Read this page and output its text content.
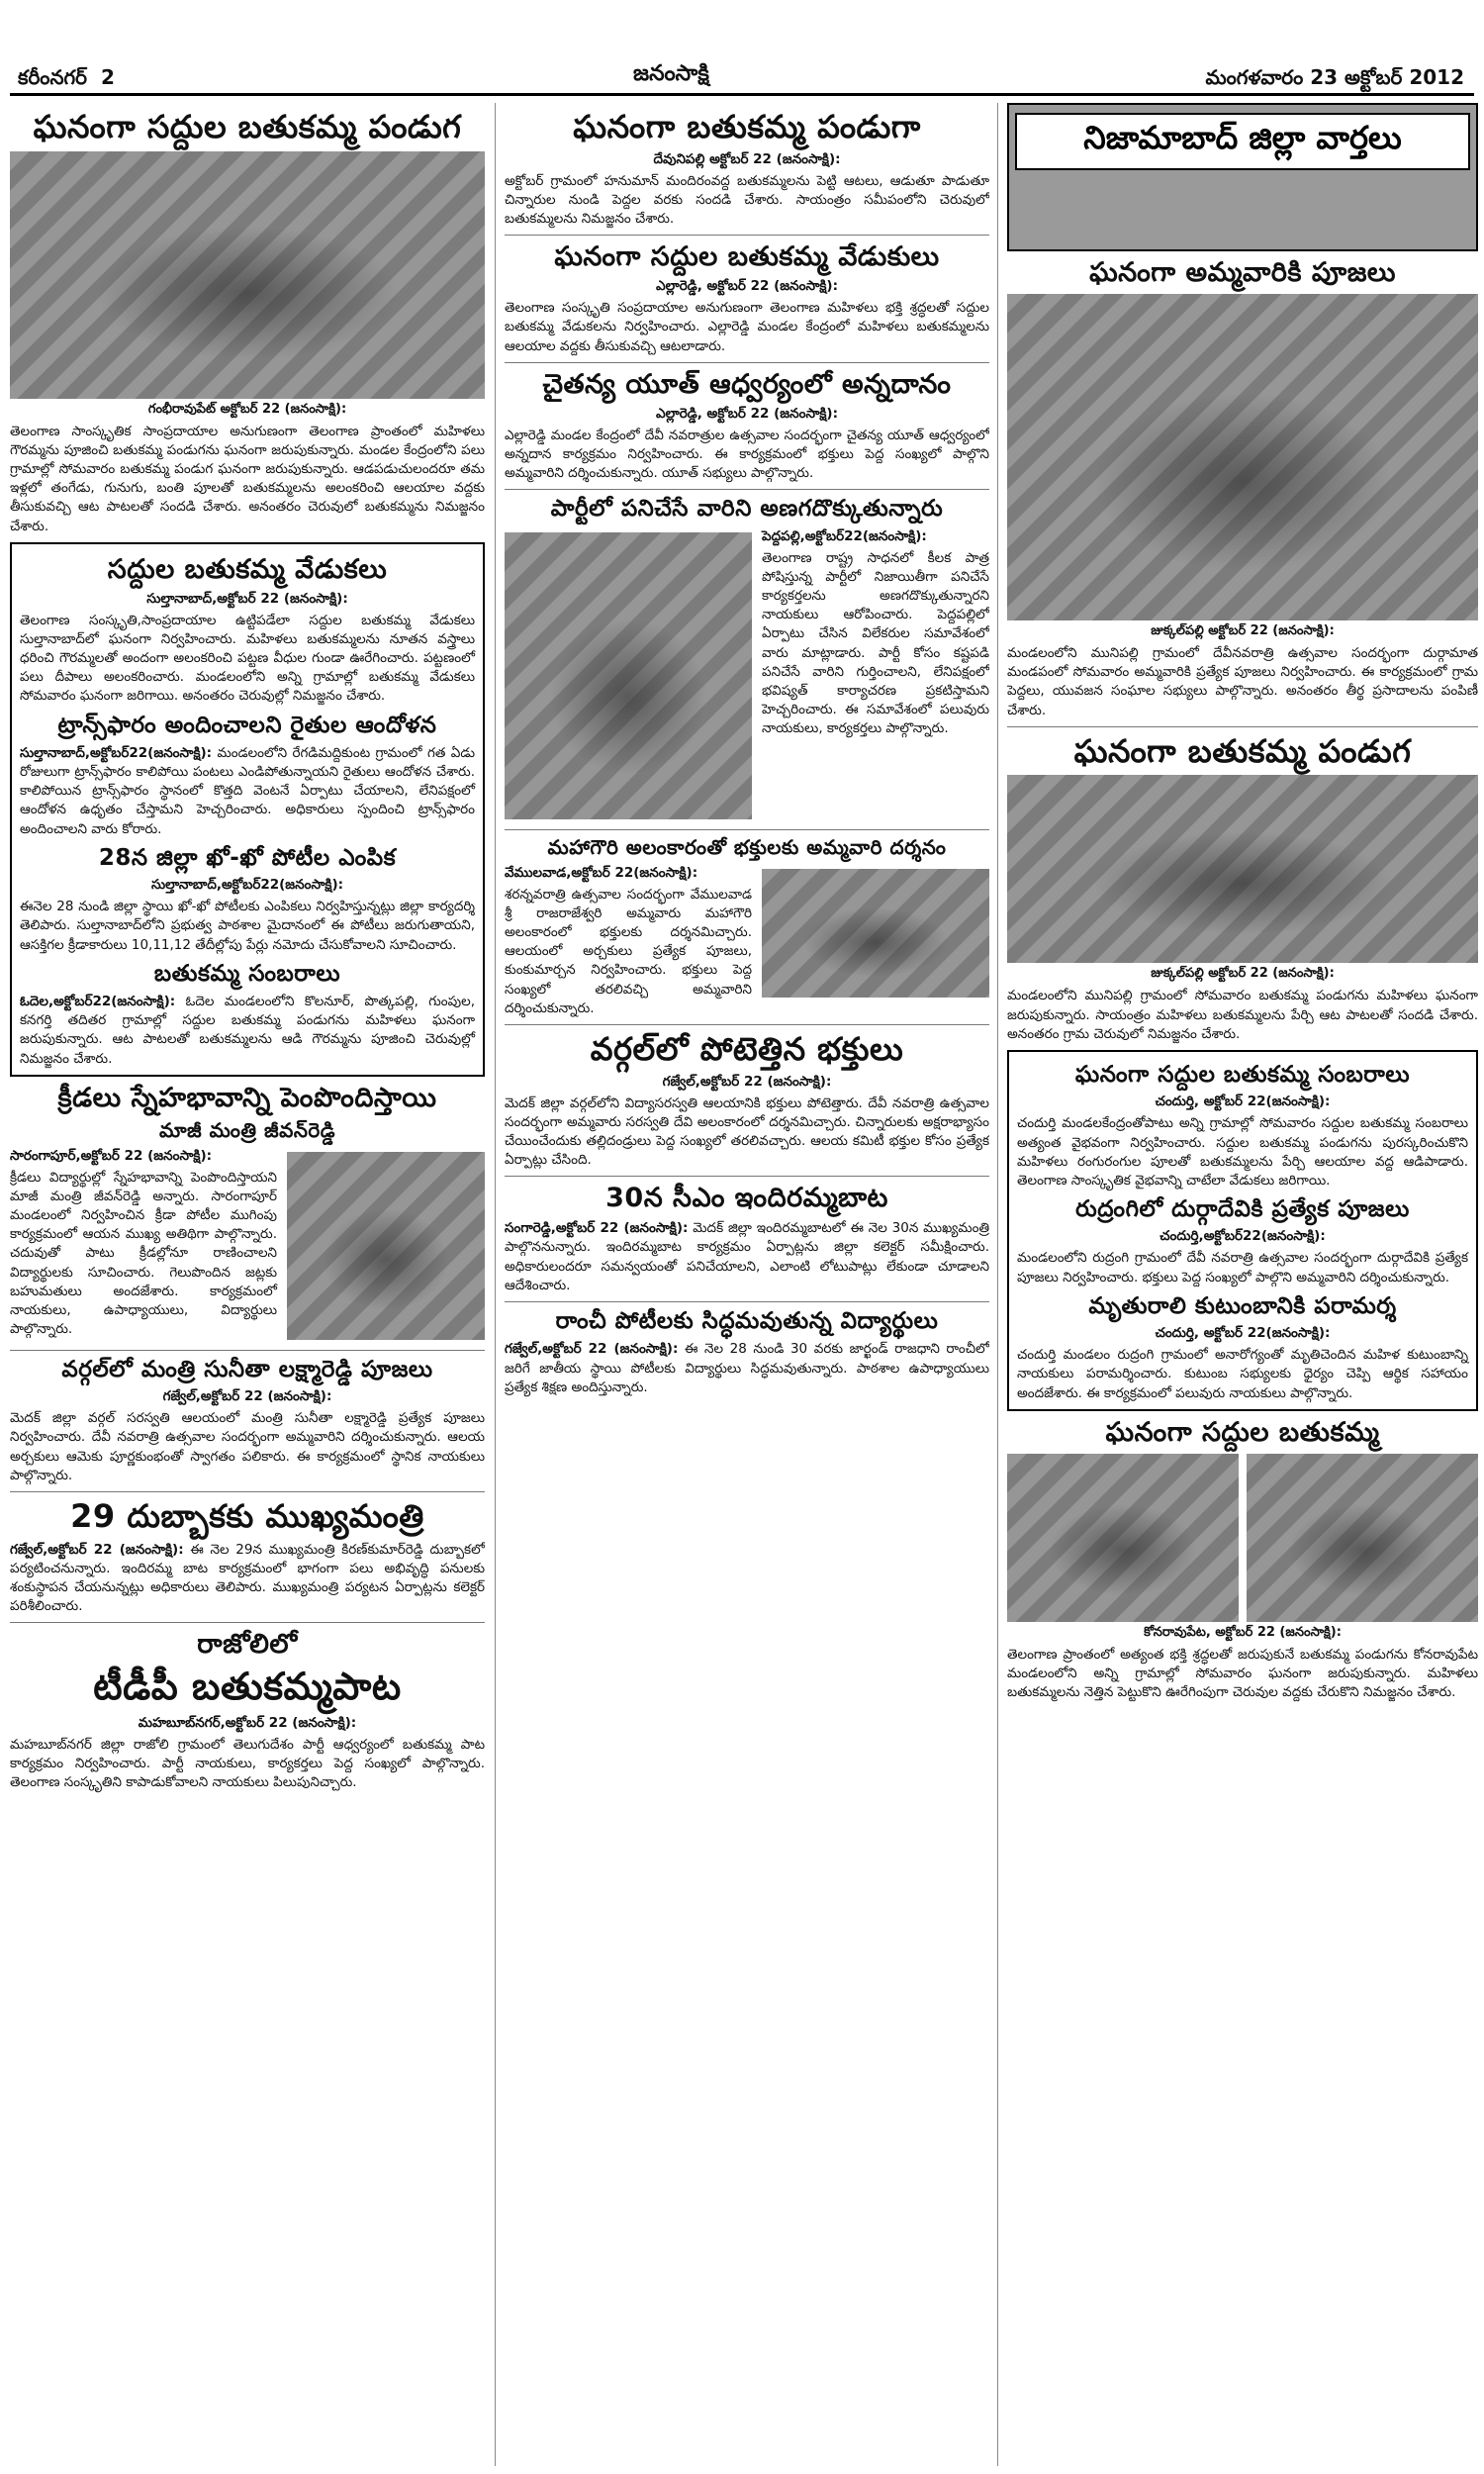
కరీంనగర్ 2	జనంసాక్షి	మంగళవారం 23 అక్టోబర్ 2012
ఘనంగా సద్దుల బతుకమ్మ పండుగ
గంభీరావుపేట్ అక్టోబర్ 22 (జనంసాక్షి):

తెలంగాణ సాంస్కృతిక సాంప్రదాయాల అనుగుణంగా తెలంగాణ ప్రాంతంలో మహిళలు గౌరమ్మను పూజించి బతుకమ్మ పండుగను ఘనంగా జరుపుకున్నారు. మండల కేంద్రంలోని పలు గ్రామాల్లో సోమవారం బతుకమ్మ పండుగ ఘనంగా జరుపుకున్నారు. ఆడపడుచులందరూ తమ ఇళ్లలో తంగేడు, గునుగు, బంతి పూలతో బతుకమ్మలను అలంకరించి ఆలయాల వద్దకు తీసుకువచ్చి ఆట పాటలతో సందడి చేశారు. అనంతరం చెరువులో బతుకమ్మను నిమజ్జనం చేశారు.

సద్దుల బతుకమ్మ వేడుకలు
సుల్తానాబాద్,అక్టోబర్ 22 (జనంసాక్షి):

తెలంగాణ సంస్కృతి,సాంప్రదాయాల ఉట్టిపడేలా సద్దుల బతుకమ్మ వేడుకలు సుల్తానాబాద్‌లో ఘనంగా నిర్వహించారు. మహిళలు బతుకమ్మలను నూతన వస్త్రాలు ధరించి గౌరమ్మలతో అందంగా అలంకరించి పట్టణ వీధుల గుండా ఊరేగించారు. పట్టణంలో పలు దీపాలు అలంకరించారు. మండలంలోని అన్ని గ్రామాల్లో బతుకమ్మ వేడుకలు సోమవారం ఘనంగా జరిగాయి. అనంతరం చెరువుల్లో నిమజ్జనం చేశారు.

ట్రాన్స్‌ఫారం అందించాలని రైతుల ఆందోళన

సుల్తానాబాద్,అక్టోబర్22(జనంసాక్షి): మండలంలోని రేగడిమద్దికుంట గ్రామంలో గత ఏడు రోజులుగా ట్రాన్స్‌ఫారం కాలిపోయి పంటలు ఎండిపోతున్నాయని రైతులు ఆందోళన చేశారు. కాలిపోయిన ట్రాన్స్‌ఫారం స్థానంలో కొత్తది వెంటనే ఏర్పాటు చేయాలని, లేనిపక్షంలో ఆందోళన ఉధృతం చేస్తామని హెచ్చరించారు. అధికారులు స్పందించి ట్రాన్స్‌ఫారం అందించాలని వారు కోరారు.

28న జిల్లా ఖో-ఖో పోటీల ఎంపిక
సుల్తానాబాద్,అక్టోబర్22(జనంసాక్షి):

ఈనెల 28 నుండి జిల్లా స్థాయి ఖో-ఖో పోటీలకు ఎంపికలు నిర్వహిస్తున్నట్లు జిల్లా కార్యదర్శి తెలిపారు. సుల్తానాబాద్‌లోని ప్రభుత్వ పాఠశాల మైదానంలో ఈ పోటీలు జరుగుతాయని, ఆసక్తిగల క్రీడాకారులు 10,11,12 తేదీల్లోపు పేర్లు నమోదు చేసుకోవాలని సూచించారు.

బతుకమ్మ సంబరాలు

ఓదెల,అక్టోబర్22(జనంసాక్షి): ఓదెల మండలంలోని కొలనూర్, పొత్కపల్లి, గుంపుల, కనగర్తి తదితర గ్రామాల్లో సద్దుల బతుకమ్మ పండుగను మహిళలు ఘనంగా జరుపుకున్నారు. ఆట పాటలతో బతుకమ్మలను ఆడి గౌరమ్మను పూజించి చెరువుల్లో నిమజ్జనం చేశారు.

క్రీడలు స్నేహభావాన్ని పెంపొందిస్తాయి
మాజీ మంత్రి జీవన్‌రెడ్డి
సారంగాపూర్,అక్టోబర్ 22 (జనంసాక్షి):

క్రీడలు విద్యార్థుల్లో స్నేహభావాన్ని పెంపొందిస్తాయని మాజీ మంత్రి జీవన్‌రెడ్డి అన్నారు. సారంగాపూర్ మండలంలో నిర్వహించిన క్రీడా పోటీల ముగింపు కార్యక్రమంలో ఆయన ముఖ్య అతిథిగా పాల్గొన్నారు. చదువుతో పాటు క్రీడల్లోనూ రాణించాలని విద్యార్థులకు సూచించారు. గెలుపొందిన జట్లకు బహుమతులు అందజేశారు. కార్యక్రమంలో నాయకులు, ఉపాధ్యాయులు, విద్యార్థులు పాల్గొన్నారు.

వర్గల్‌లో మంత్రి సునీతా లక్ష్మారెడ్డి పూజలు
గజ్వేల్,అక్టోబర్ 22 (జనంసాక్షి):

మెదక్ జిల్లా వర్గల్ సరస్వతి ఆలయంలో మంత్రి సునీతా లక్ష్మారెడ్డి ప్రత్యేక పూజలు నిర్వహించారు. దేవీ నవరాత్రి ఉత్సవాల సందర్భంగా అమ్మవారిని దర్శించుకున్నారు. ఆలయ అర్చకులు ఆమెకు పూర్ణకుంభంతో స్వాగతం పలికారు. ఈ కార్యక్రమంలో స్థానిక నాయకులు పాల్గొన్నారు.

29 దుబ్బాకకు ముఖ్యమంత్రి

గజ్వేల్,అక్టోబర్ 22 (జనంసాక్షి): ఈ నెల 29న ముఖ్యమంత్రి కిరణ్‌కుమార్‌రెడ్డి దుబ్బాకలో పర్యటించనున్నారు. ఇందిరమ్మ బాట కార్యక్రమంలో భాగంగా పలు అభివృద్ధి పనులకు శంకుస్థాపన చేయనున్నట్లు అధికారులు తెలిపారు. ముఖ్యమంత్రి పర్యటన ఏర్పాట్లను కలెక్టర్ పరిశీలించారు.

రాజోలిలో
టీడీపీ బతుకమ్మపాట
మహబూబ్‌నగర్,అక్టోబర్ 22 (జనంసాక్షి):

మహబూబ్‌నగర్ జిల్లా రాజోలి గ్రామంలో తెలుగుదేశం పార్టీ ఆధ్వర్యంలో బతుకమ్మ పాట కార్యక్రమం నిర్వహించారు. పార్టీ నాయకులు, కార్యకర్తలు పెద్ద సంఖ్యలో పాల్గొన్నారు. తెలంగాణ సంస్కృతిని కాపాడుకోవాలని నాయకులు పిలుపునిచ్చారు.

ఘనంగా బతుకమ్మ పండుగా
దేవునిపల్లి అక్టోబర్ 22 (జనంసాక్షి):

అక్టోబర్ గ్రామంలో హనుమాన్ మందిరంవద్ద బతుకమ్మలను పెట్టి ఆటలు, ఆడుతూ పాడుతూ చిన్నారుల నుండి పెద్దల వరకు సందడి చేశారు. సాయంత్రం సమీపంలోని చెరువులో బతుకమ్మలను నిమజ్జనం చేశారు.

ఘనంగా సద్దుల బతుకమ్మ వేడుకులు
ఎల్లారెడ్డి, అక్టోబర్ 22 (జనంసాక్షి):

తెలంగాణ సంస్కృతి సంప్రదాయాల అనుగుణంగా తెలంగాణ మహిళలు భక్తి శ్రద్ధలతో సద్దుల బతుకమ్మ వేడుకలను నిర్వహించారు. ఎల్లారెడ్డి మండల కేంద్రంలో మహిళలు బతుకమ్మలను ఆలయాల వద్దకు తీసుకువచ్చి ఆటలాడారు.

చైతన్య యూత్ ఆధ్వర్యంలో అన్నదానం
ఎల్లారెడ్డి, అక్టోబర్ 22 (జనంసాక్షి):

ఎల్లారెడ్డి మండల కేంద్రంలో దేవీ నవరాత్రుల ఉత్సవాల సందర్భంగా చైతన్య యూత్ ఆధ్వర్యంలో అన్నదాన కార్యక్రమం నిర్వహించారు. ఈ కార్యక్రమంలో భక్తులు పెద్ద సంఖ్యలో పాల్గొని అమ్మవారిని దర్శించుకున్నారు. యూత్ సభ్యులు పాల్గొన్నారు.

పార్టీలో పనిచేసే వారిని అణగదొక్కుతున్నారు
పెద్దపల్లి,అక్టోబర్22(జనంసాక్షి):

తెలంగాణ రాష్ట్ర సాధనలో కీలక పాత్ర పోషిస్తున్న పార్టీలో నిజాయితీగా పనిచేసే కార్యకర్తలను అణగదొక్కుతున్నారని నాయకులు ఆరోపించారు. పెద్దపల్లిలో ఏర్పాటు చేసిన విలేకరుల సమావేశంలో వారు మాట్లాడారు. పార్టీ కోసం కష్టపడి పనిచేసే వారిని గుర్తించాలని, లేనిపక్షంలో భవిష్యత్ కార్యాచరణ ప్రకటిస్తామని హెచ్చరించారు. ఈ సమావేశంలో పలువురు నాయకులు, కార్యకర్తలు పాల్గొన్నారు.

మహాగౌరి అలంకారంతో భక్తులకు అమ్మవారి దర్శనం
వేములవాడ,అక్టోబర్ 22(జనంసాక్షి):

శరన్నవరాత్రి ఉత్సవాల సందర్భంగా వేములవాడ శ్రీ రాజరాజేశ్వరి అమ్మవారు మహాగౌరి అలంకారంలో భక్తులకు దర్శనమిచ్చారు. ఆలయంలో అర్చకులు ప్రత్యేక పూజలు, కుంకుమార్చన నిర్వహించారు. భక్తులు పెద్ద సంఖ్యలో తరలివచ్చి అమ్మవారిని దర్శించుకున్నారు.

వర్గల్‌లో పోటెత్తిన భక్తులు
గజ్వేల్,అక్టోబర్ 22 (జనంసాక్షి):

మెదక్ జిల్లా వర్గల్‌లోని విద్యాసరస్వతి ఆలయానికి భక్తులు పోటెత్తారు. దేవీ నవరాత్రి ఉత్సవాల సందర్భంగా అమ్మవారు సరస్వతి దేవి అలంకారంలో దర్శనమిచ్చారు. చిన్నారులకు అక్షరాభ్యాసం చేయించేందుకు తల్లిదండ్రులు పెద్ద సంఖ్యలో తరలివచ్చారు. ఆలయ కమిటీ భక్తుల కోసం ప్రత్యేక ఏర్పాట్లు చేసింది.

30న సీఎం ఇందిరమ్మబాట

సంగారెడ్డి,అక్టోబర్ 22 (జనంసాక్షి): మెదక్ జిల్లా ఇందిరమ్మబాటలో ఈ నెల 30న ముఖ్యమంత్రి పాల్గొననున్నారు. ఇందిరమ్మబాట కార్యక్రమం ఏర్పాట్లను జిల్లా కలెక్టర్ సమీక్షించారు. అధికారులందరూ సమన్వయంతో పనిచేయాలని, ఎలాంటి లోటుపాట్లు లేకుండా చూడాలని ఆదేశించారు.

రాంచీ పోటీలకు సిద్ధమవుతున్న విద్యార్థులు

గజ్వేల్,అక్టోబర్ 22 (జనంసాక్షి): ఈ నెల 28 నుండి 30 వరకు జార్ఖండ్ రాజధాని రాంచీలో జరిగే జాతీయ స్థాయి పోటీలకు విద్యార్థులు సిద్ధమవుతున్నారు. పాఠశాల ఉపాధ్యాయులు ప్రత్యేక శిక్షణ అందిస్తున్నారు.

నిజామాబాద్ జిల్లా వార్తలు
ఘనంగా అమ్మవారికి పూజలు
జుక్కల్‌పల్లి అక్టోబర్ 22 (జనంసాక్షి):

మండలంలోని మునిపల్లి గ్రామంలో దేవీనవరాత్రి ఉత్సవాల సందర్భంగా దుర్గామాత మండపంలో సోమవారం అమ్మవారికి ప్రత్యేక పూజలు నిర్వహించారు. ఈ కార్యక్రమంలో గ్రామ పెద్దలు, యువజన సంఘాల సభ్యులు పాల్గొన్నారు. అనంతరం తీర్థ ప్రసాదాలను పంపిణీ చేశారు.

ఘనంగా బతుకమ్మ పండుగ
జుక్కల్‌పల్లి అక్టోబర్ 22 (జనంసాక్షి):

మండలంలోని మునిపల్లి గ్రామంలో సోమవారం బతుకమ్మ పండుగను మహిళలు ఘనంగా జరుపుకున్నారు. సాయంత్రం మహిళలు బతుకమ్మలను పేర్చి ఆట పాటలతో సందడి చేశారు. అనంతరం గ్రామ చెరువులో నిమజ్జనం చేశారు.

ఘనంగా సద్దుల బతుకమ్మ సంబరాలు
చందుర్తి, అక్టోబర్ 22(జనంసాక్షి):

చందుర్తి మండలకేంద్రంతోపాటు అన్ని గ్రామాల్లో సోమవారం సద్దుల బతుకమ్మ సంబరాలు అత్యంత వైభవంగా నిర్వహించారు. సద్దుల బతుకమ్మ పండుగను పురస్కరించుకొని మహిళలు రంగురంగుల పూలతో బతుకమ్మలను పేర్చి ఆలయాల వద్ద ఆడిపాడారు. తెలంగాణ సాంస్కృతిక వైభవాన్ని చాటేలా వేడుకలు జరిగాయి.

రుద్రంగిలో దుర్గాదేవికి ప్రత్యేక పూజలు
చందుర్తి,అక్టోబర్22(జనంసాక్షి):

మండలంలోని రుద్రంగి గ్రామంలో దేవీ నవరాత్రి ఉత్సవాల సందర్భంగా దుర్గాదేవికి ప్రత్యేక పూజలు నిర్వహించారు. భక్తులు పెద్ద సంఖ్యలో పాల్గొని అమ్మవారిని దర్శించుకున్నారు.

మృతురాలి కుటుంబానికి పరామర్శ
చందుర్తి, అక్టోబర్ 22(జనంసాక్షి):

చందుర్తి మండలం రుద్రంగి గ్రామంలో అనారోగ్యంతో మృతిచెందిన మహిళ కుటుంబాన్ని నాయకులు పరామర్శించారు. కుటుంబ సభ్యులకు ధైర్యం చెప్పి ఆర్థిక సహాయం అందజేశారు. ఈ కార్యక్రమంలో పలువురు నాయకులు పాల్గొన్నారు.

ఘనంగా సద్దుల బతుకమ్మ
కోనరావుపేట, అక్టోబర్ 22 (జనంసాక్షి):

తెలంగాణ ప్రాంతంలో అత్యంత భక్తి శ్రద్ధలతో జరుపుకునే బతుకమ్మ పండుగను కోనరావుపేట మండలంలోని అన్ని గ్రామాల్లో సోమవారం ఘనంగా జరుపుకున్నారు. మహిళలు బతుకమ్మలను నెత్తిన పెట్టుకొని ఊరేగింపుగా చెరువుల వద్దకు చేరుకొని నిమజ్జనం చేశారు.
